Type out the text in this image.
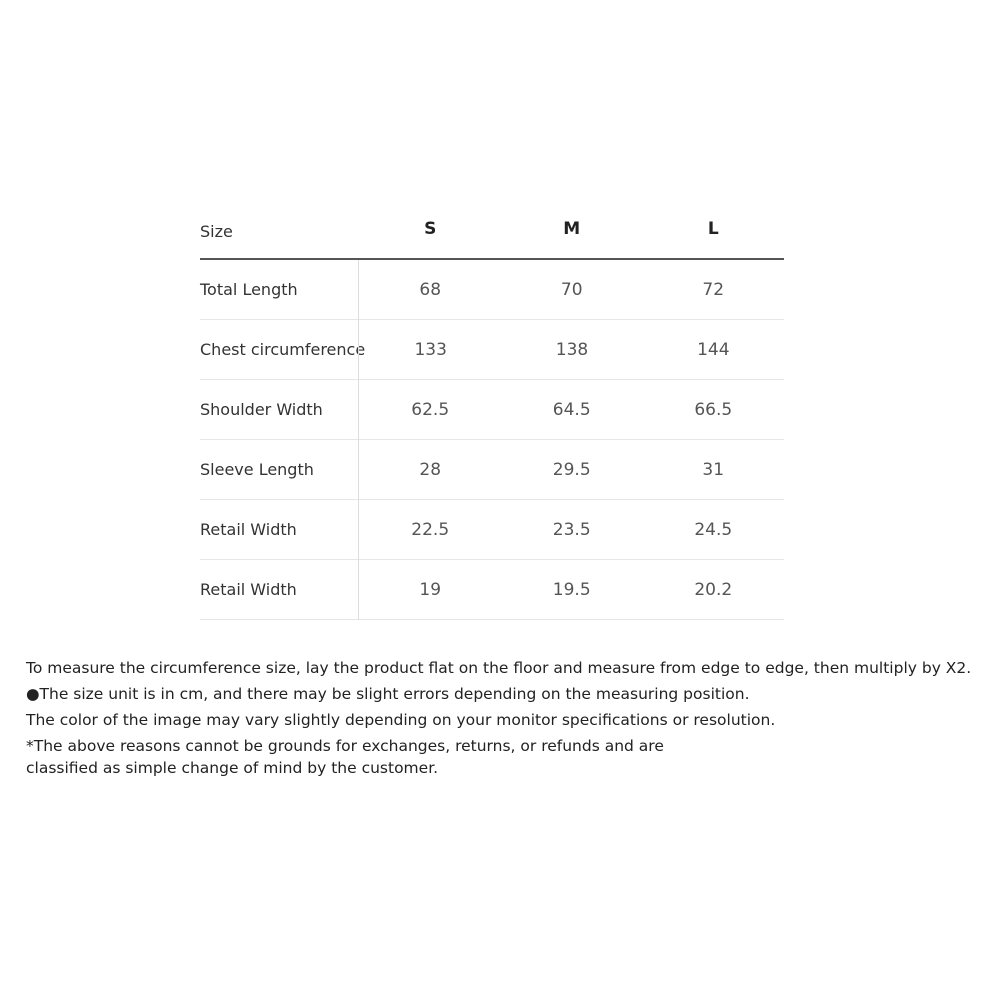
Size	S	M	L
Total Length	68	70	72
Chest circumference	133	138	144
Shoulder Width	62.5	64.5	66.5
Sleeve Length	28	29.5	31
Retail Width	22.5	23.5	24.5
Retail Width	19	19.5	20.2
To measure the circumference size, lay the product flat on the floor and measure from edge to edge, then multiply by X2.
●The size unit is in cm, and there may be slight errors depending on the measuring position.
The color of the image may vary slightly depending on your monitor specifications or resolution.
*The above reasons cannot be grounds for exchanges, returns, or refunds and are
classified as simple change of mind by the customer.
